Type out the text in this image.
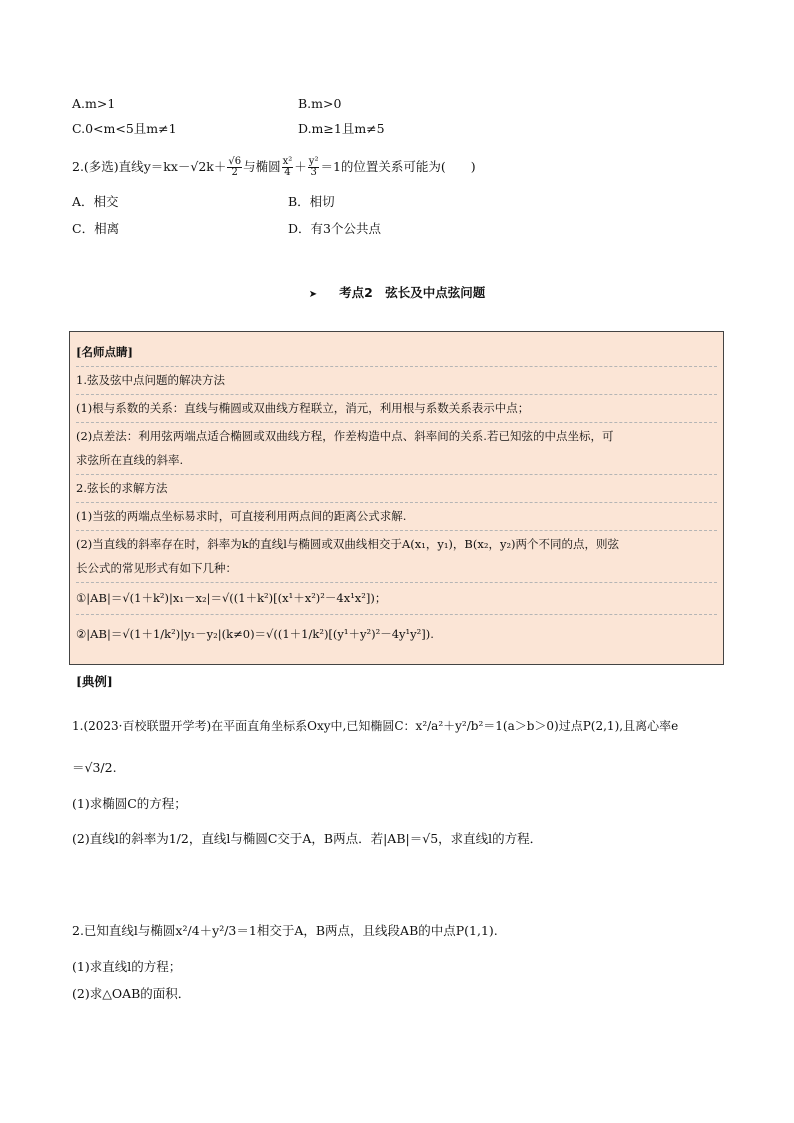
A.m>1	B.m>0
C.0<m<5且m≠1	D.m≥1且m≠5
2.(多选)直线$y=kx-√2k+ \frac{√6}{2}$ 与椭圆 $\frac{\text{x²}}{4} + \frac{\text{y²}}{3} =1$的位置关系可能为(　　)
A．相交	B．相切
C．相离	D．有3个公共点
➤ 考点2　弦长及中点弦问题
[名师点睛]
1.弦及弦中点问题的解决方法
(1)根与系数的关系：直线与椭圆或双曲线方程联立，消元，利用根与系数关系表示中点；
(2)点差法：利用弦两端点适合椭圆或双曲线方程，作差构造中点、斜率间的关系.若已知弦的中点坐标，可
求弦所在直线的斜率.
2.弦长的求解方法
(1)当弦的两端点坐标易求时，可直接利用两点间的距离公式求解.
(2)当直线的斜率存在时，斜率为k的直线l与椭圆或双曲线相交于A(x₁，y₁)，B(x₂，y₂)两个不同的点，则弦
长公式的常见形式有如下几种：
①|AB|＝√(1＋k²)|x₁－x₂|＝√((1＋k²)[(x¹＋x²)²－4x¹x²])；
②|AB|＝√(1＋1/k²)|y₁－y₂|(k≠0)＝√((1＋1/k²)[(y¹＋y²)²－4y¹y²]).
[典例]
1.(2023·百校联盟开学考)在平面直角坐标系Oxy中,已知椭圆C：x²/a²＋y²/b²＝1(a＞b＞0)过点P(2,1),且离心率e
＝√3/2.
(1)求椭圆C的方程；
(2)直线l的斜率为1/2，直线l与椭圆C交于A，B两点．若|AB|＝√5，求直线l的方程．
2.已知直线l与椭圆x²/4＋y²/3＝1相交于A，B两点，且线段AB的中点P(1,1).
(1)求直线l的方程；
(2)求△OAB的面积．
